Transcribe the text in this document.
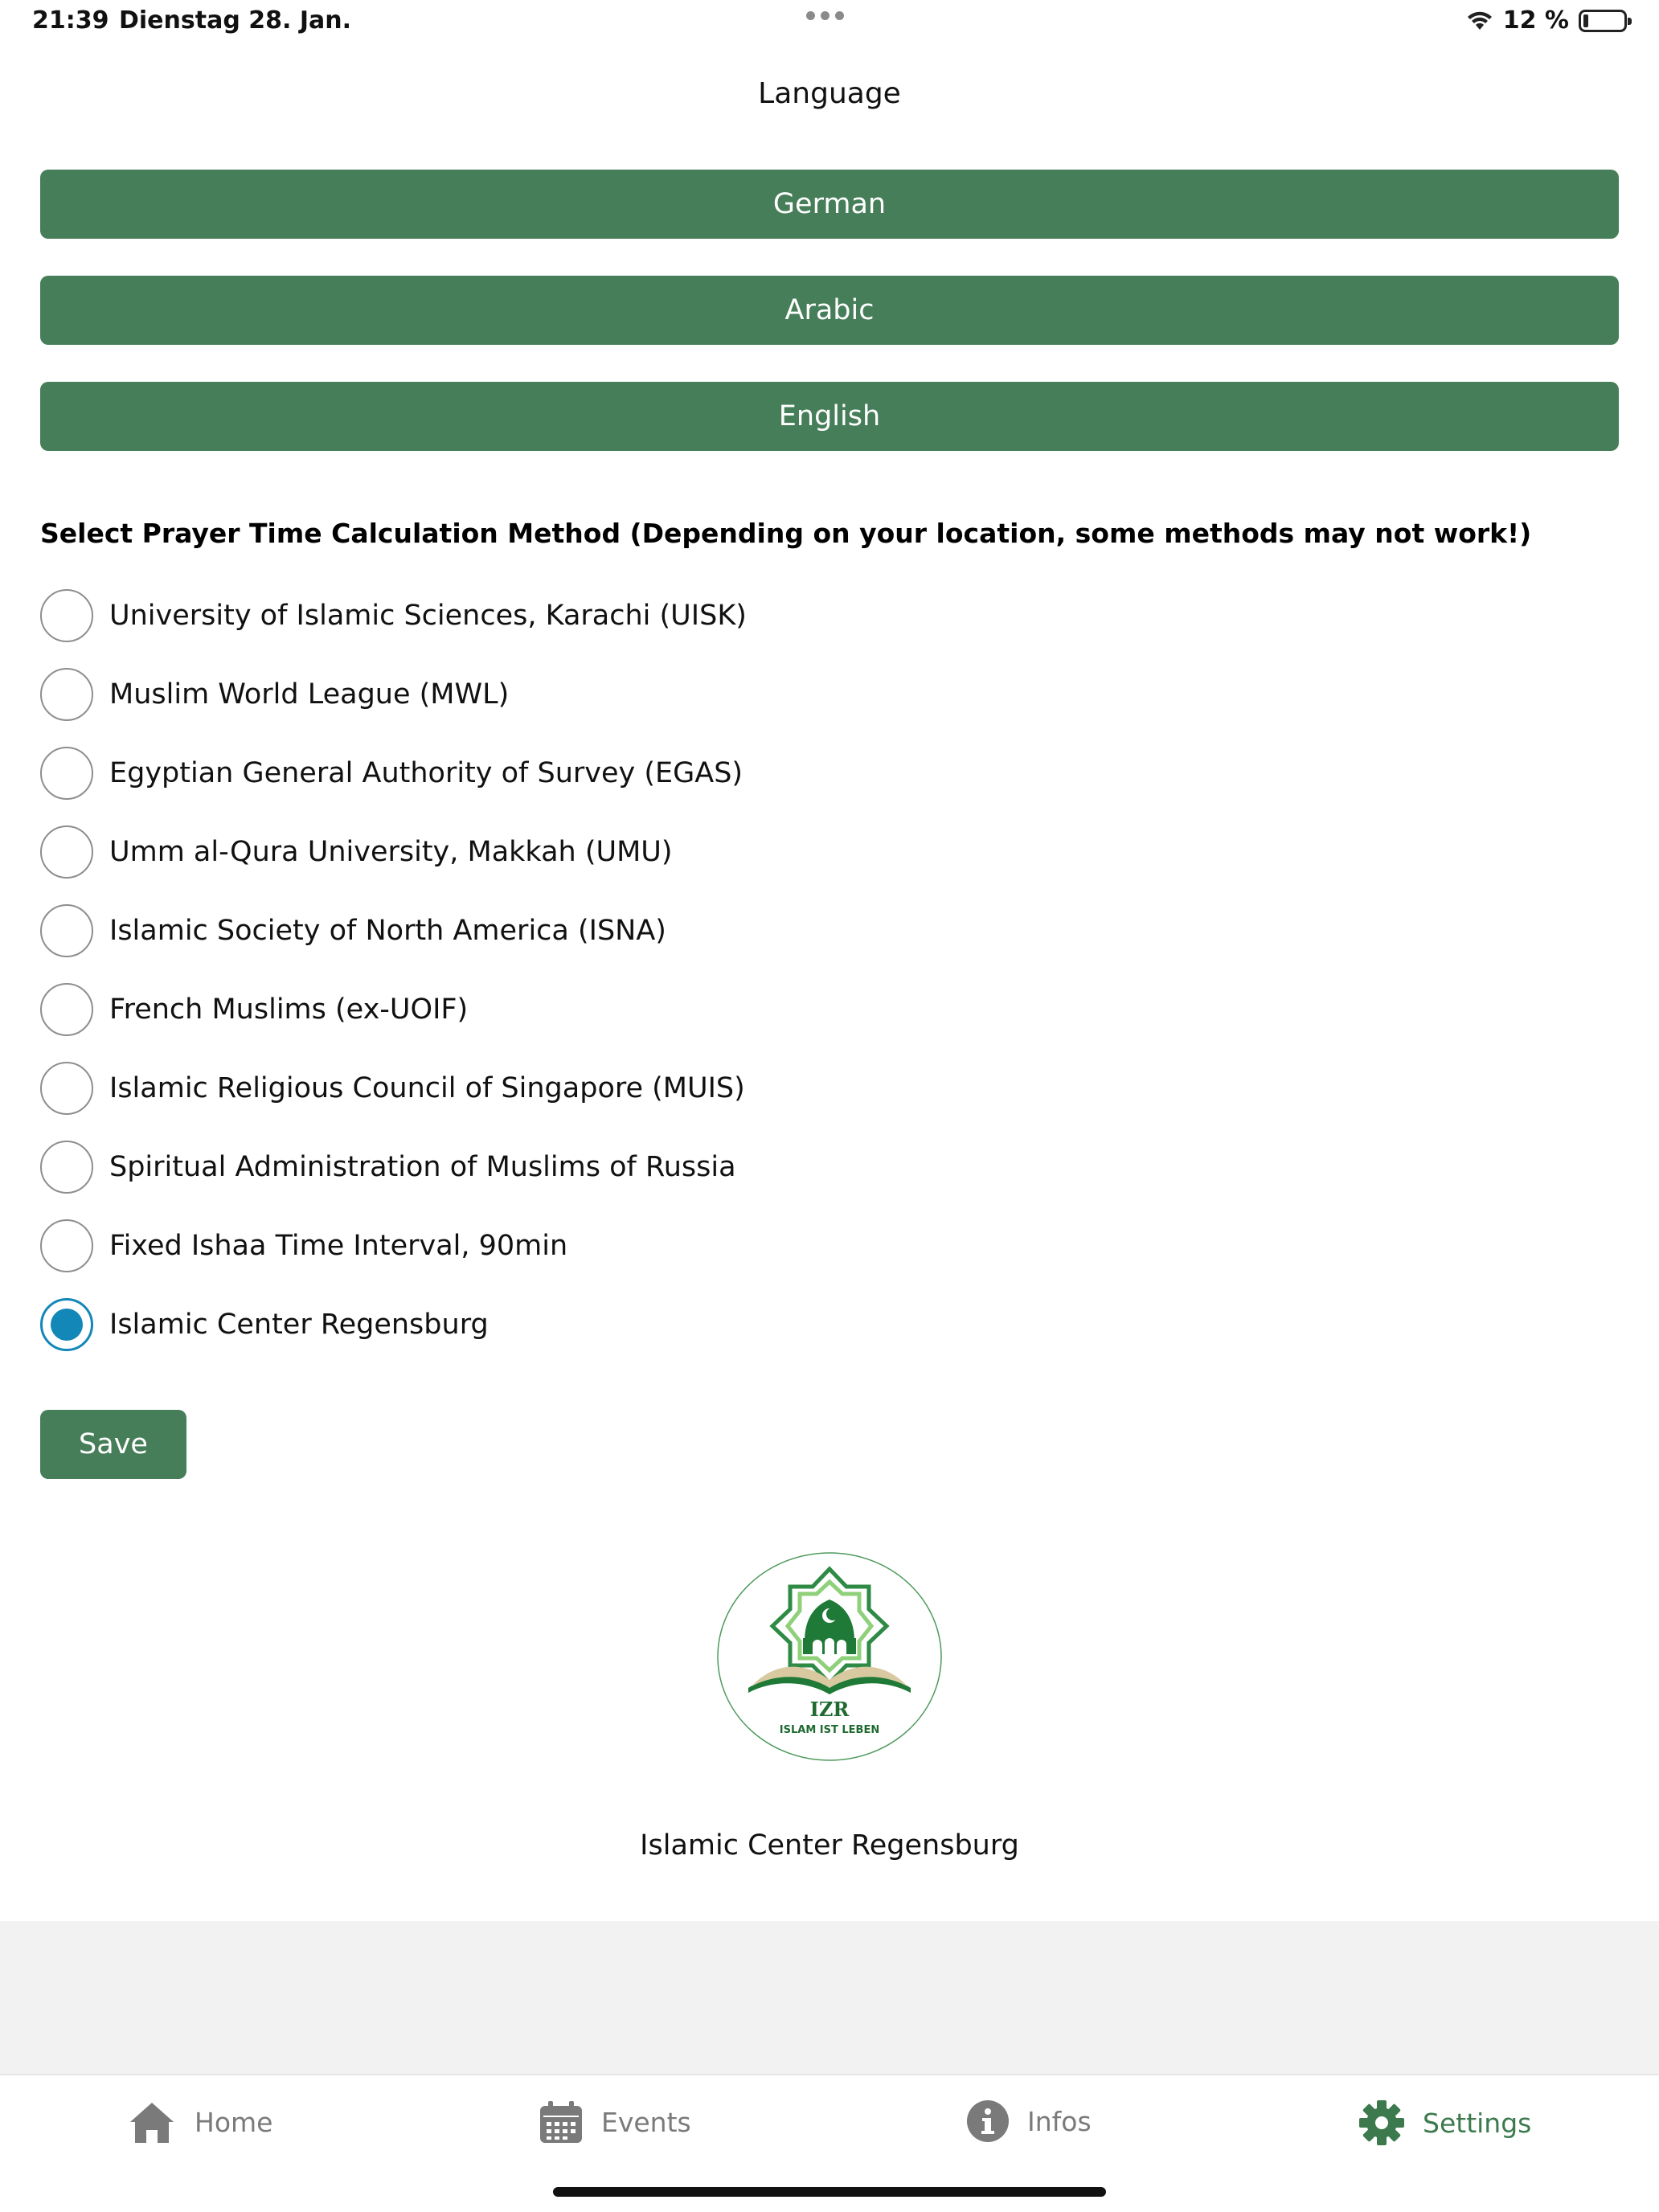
21:39 Dienstag 28. Jan.	12 %
Language
German
Arabic
English
Select Prayer Time Calculation Method (Depending on your location, some methods may not work!)
University of Islamic Sciences, Karachi (UISK)
Muslim World League (MWL)
Egyptian General Authority of Survey (EGAS)
Umm al-Qura University, Makkah (UMU)
Islamic Society of North America (ISNA)
French Muslims (ex-UOIF)
Islamic Religious Council of Singapore (MUIS)
Spiritual Administration of Muslims of Russia
Fixed Ishaa Time Interval, 90min
Islamic Center Regensburg
Save
IZR
ISLAM IST LEBEN
Islamic Center Regensburg
Home	Events	Infos	Settings
